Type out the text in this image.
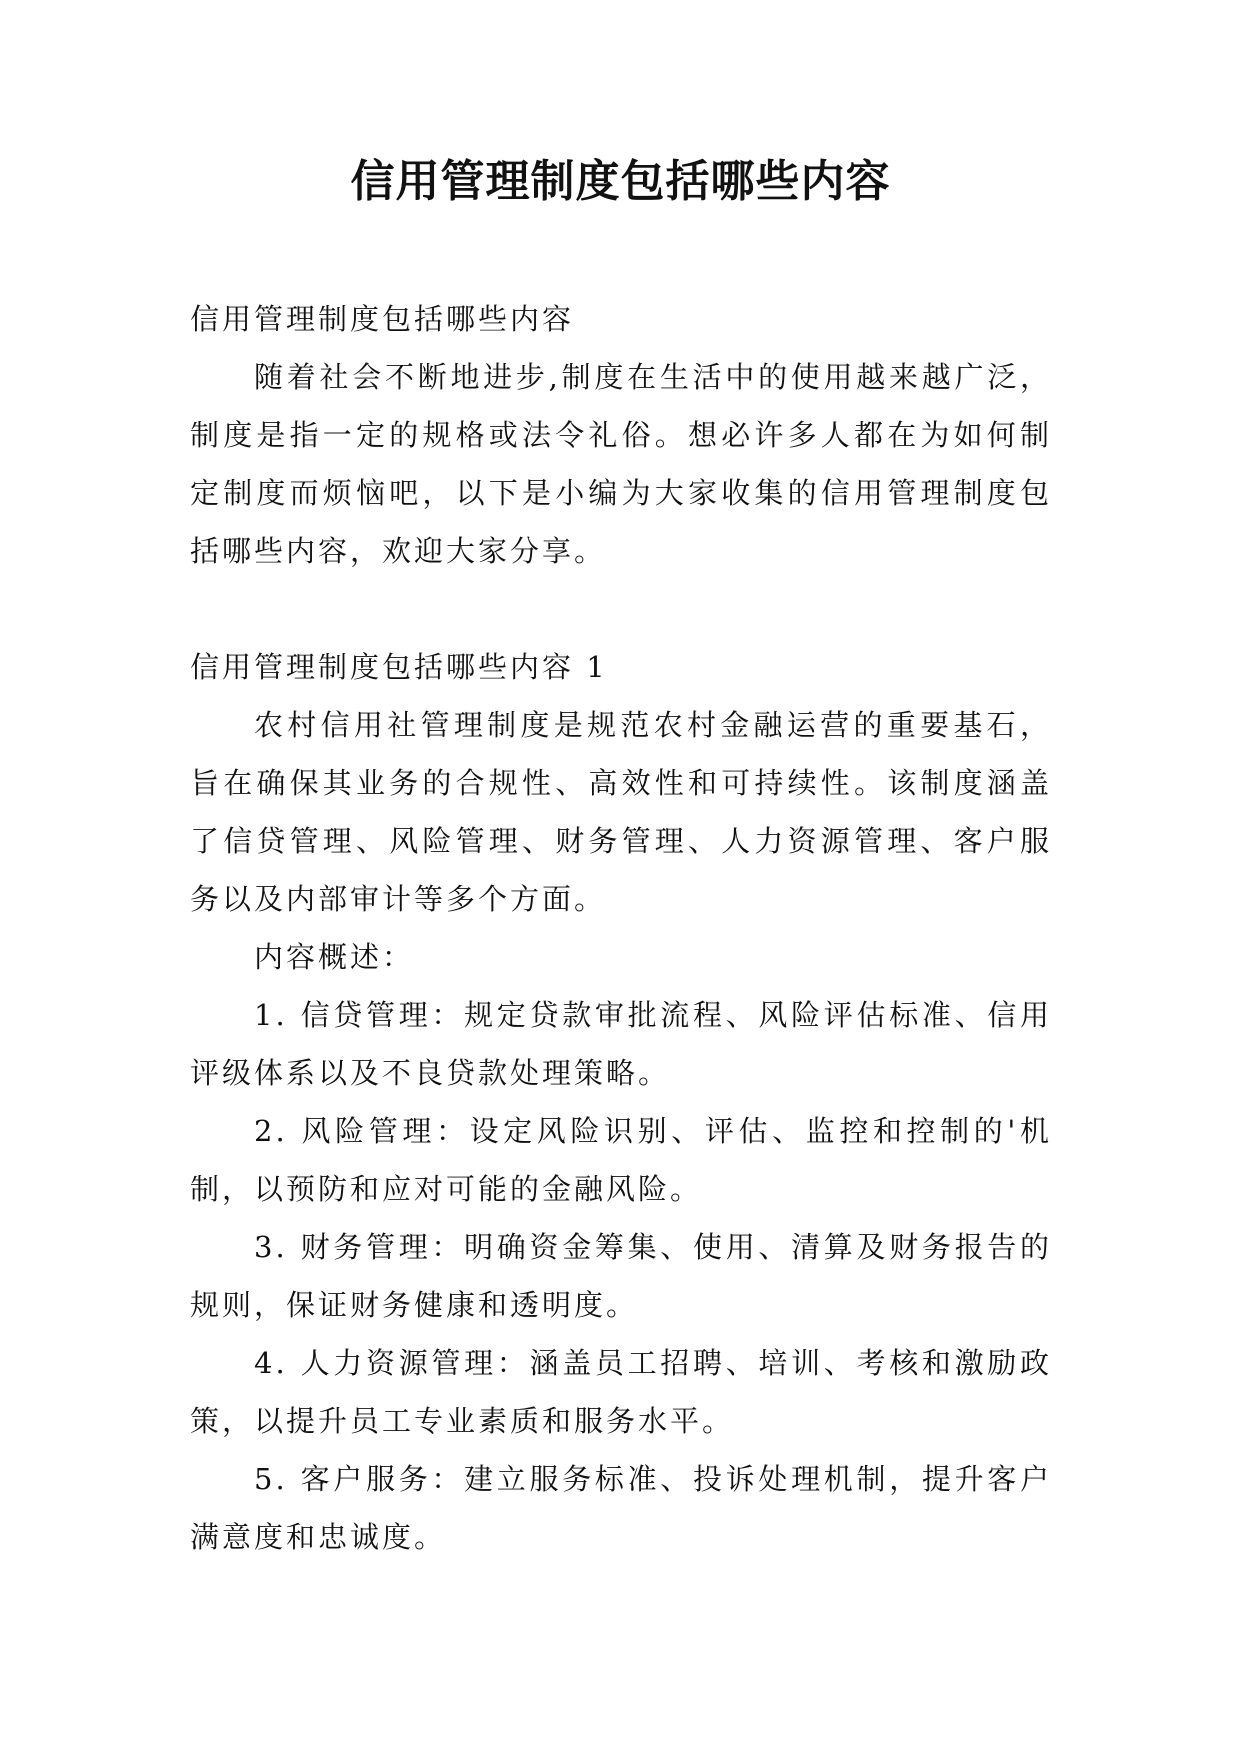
信用管理制度包括哪些内容

信用管理制度包括哪些内容

随着社会不断地进步,制度在生活中的使用越来越广泛，制度是指一定的规格或法令礼俗。想必许多人都在为如何制定制度而烦恼吧，以下是小编为大家收集的信用管理制度包括哪些内容，欢迎大家分享。

信用管理制度包括哪些内容 1

农村信用社管理制度是规范农村金融运营的重要基石，旨在确保其业务的合规性、高效性和可持续性。该制度涵盖了信贷管理、风险管理、财务管理、人力资源管理、客户服务以及内部审计等多个方面。

内容概述：

1. 信贷管理：规定贷款审批流程、风险评估标准、信用评级体系以及不良贷款处理策略。

2. 风险管理：设定风险识别、评估、监控和控制的'机制，以预防和应对可能的金融风险。

3. 财务管理：明确资金筹集、使用、清算及财务报告的规则，保证财务健康和透明度。

4. 人力资源管理：涵盖员工招聘、培训、考核和激励政策，以提升员工专业素质和服务水平。

5. 客户服务：建立服务标准、投诉处理机制，提升客户满意度和忠诚度。
